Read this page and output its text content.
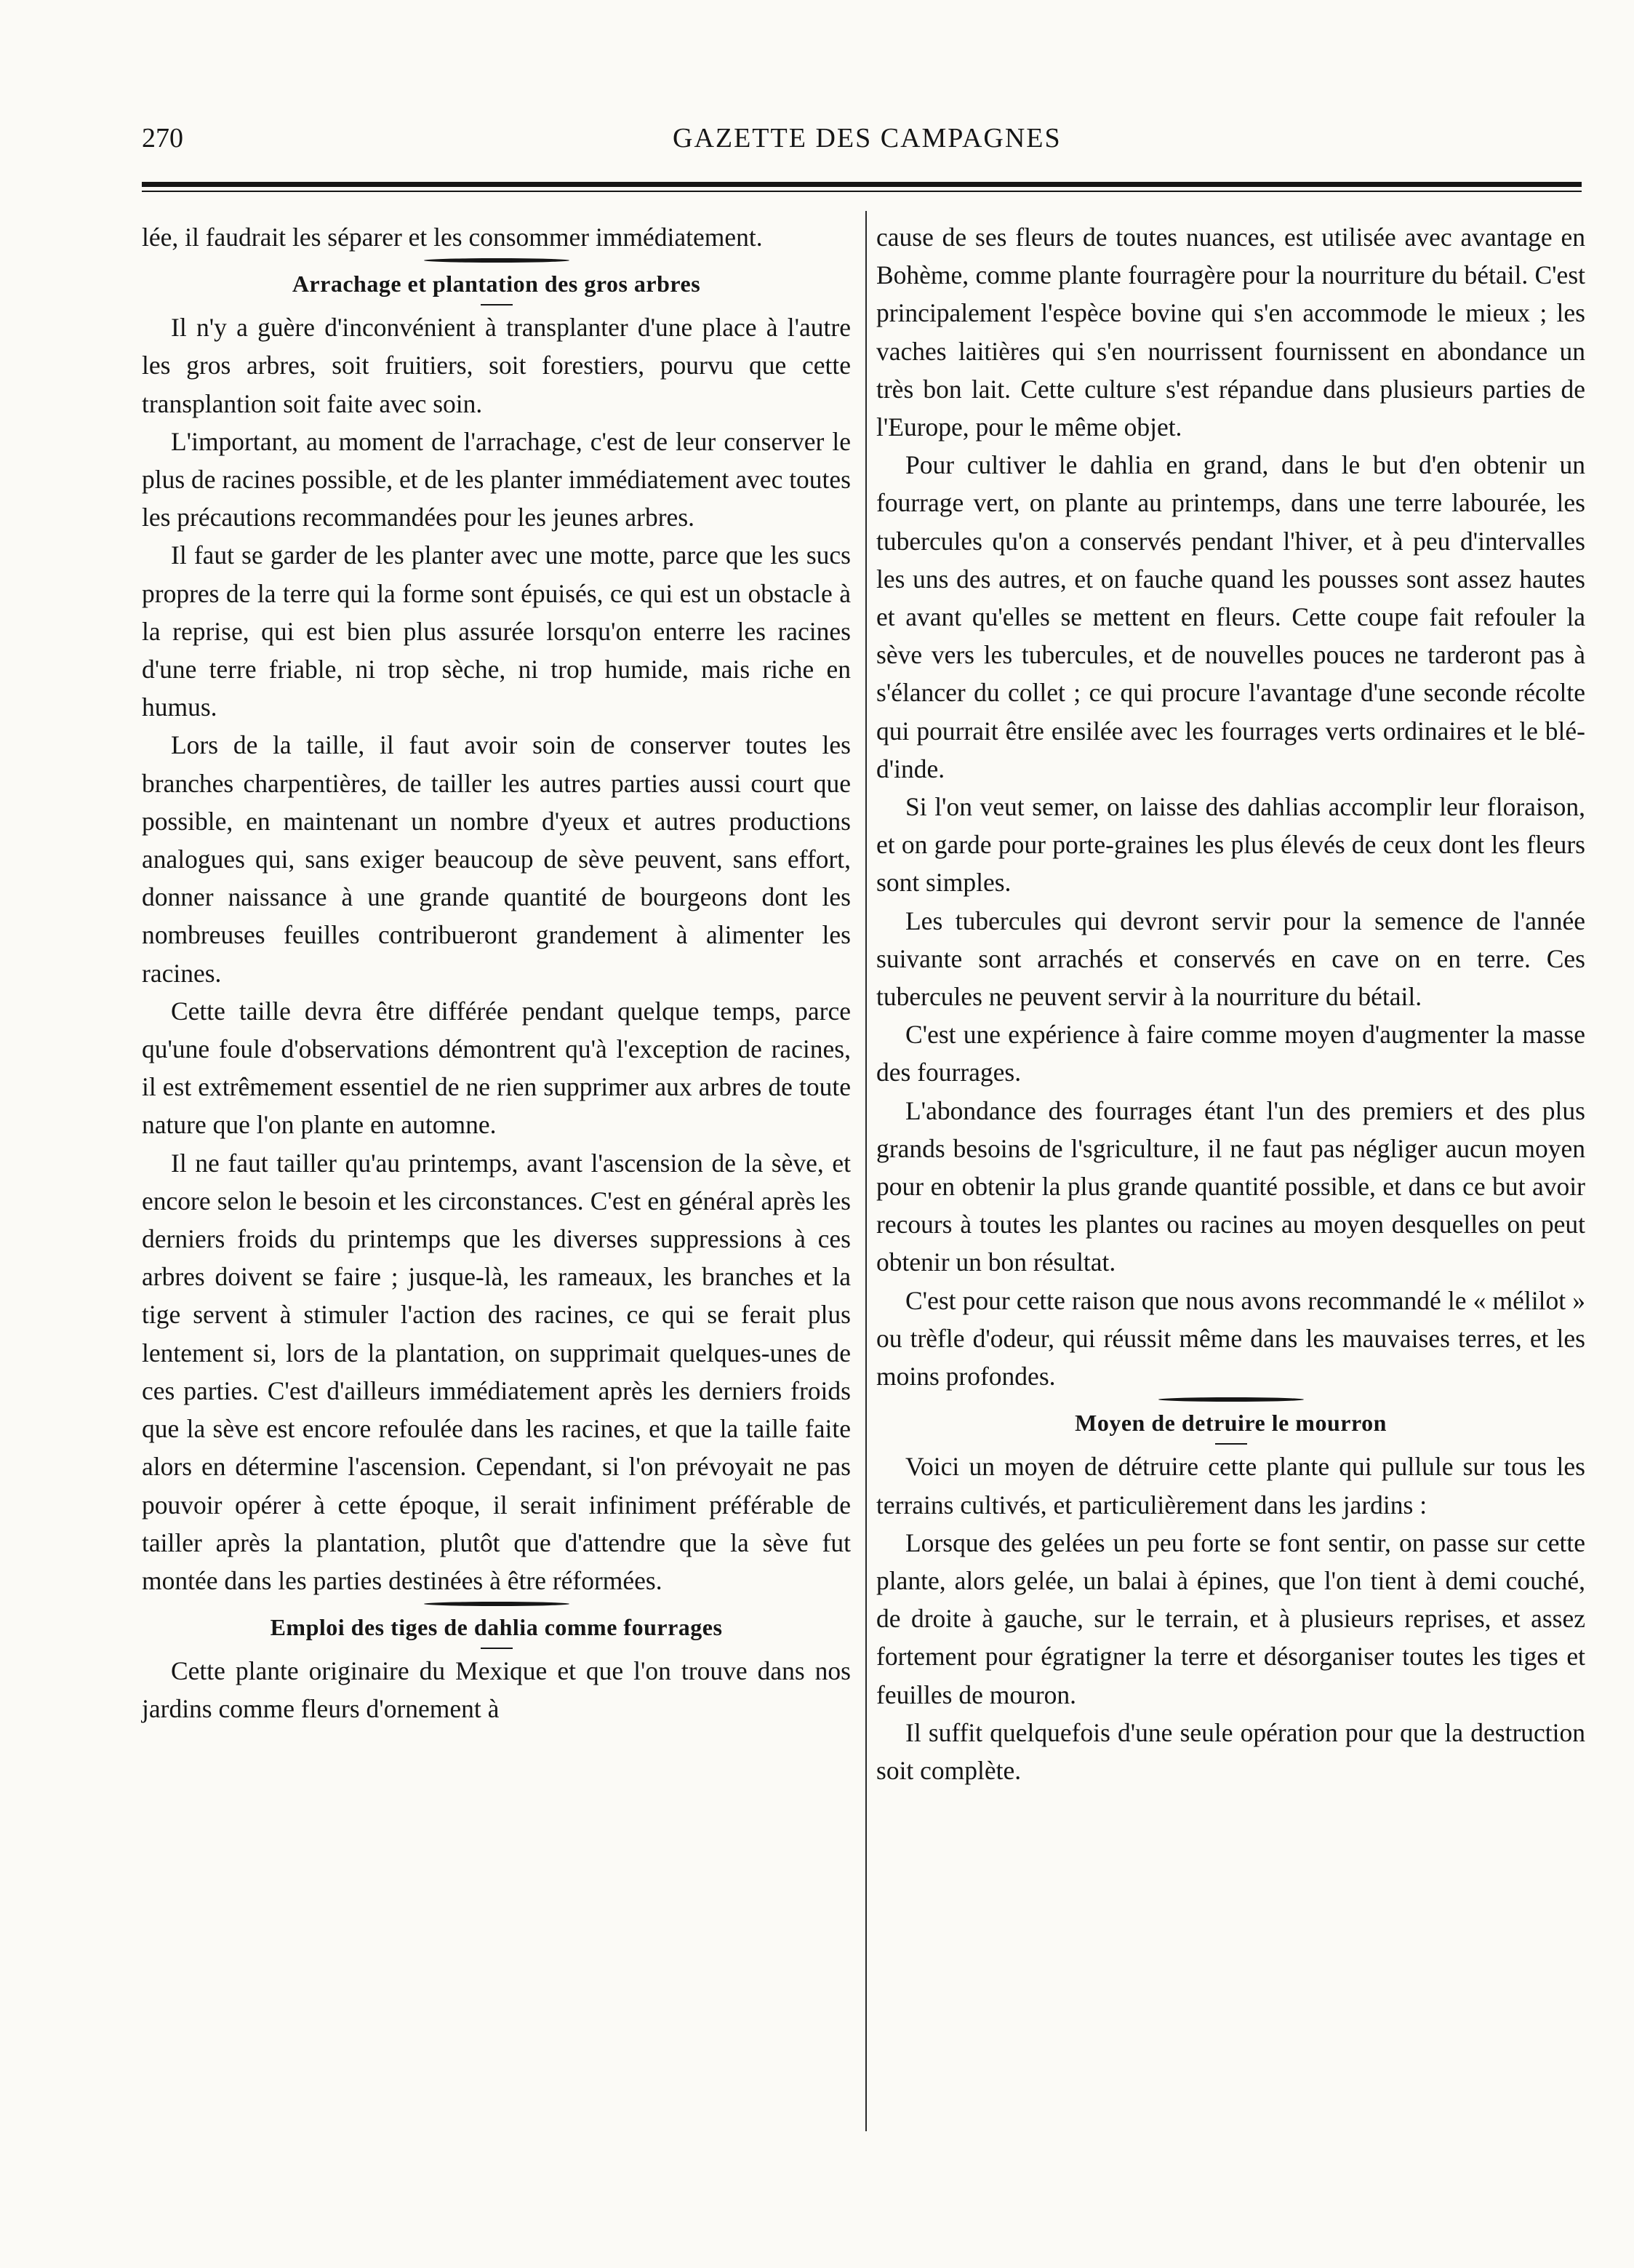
270	GAZETTE DES CAMPAGNES

lée, il faudrait les séparer et les consommer immédiatement.

Arrachage et plantation des gros arbres

Il n'y a guère d'inconvénient à transplanter d'une place à l'autre les gros arbres, soit fruitiers, soit forestiers, pourvu que cette transplantion soit faite avec soin.

L'important, au moment de l'arrachage, c'est de leur conserver le plus de racines possible, et de les planter immédiatement avec toutes les précautions recommandées pour les jeunes arbres.

Il faut se garder de les planter avec une motte, parce que les sucs propres de la terre qui la forme sont épuisés, ce qui est un obstacle à la reprise, qui est bien plus assurée lorsqu'on enterre les racines d'une terre friable, ni trop sèche, ni trop humide, mais riche en humus.

Lors de la taille, il faut avoir soin de conserver toutes les branches charpentières, de tailler les autres parties aussi court que possible, en maintenant un nombre d'yeux et autres productions analogues qui, sans exiger beaucoup de sève peuvent, sans effort, donner naissance à une grande quantité de bourgeons dont les nombreuses feuilles contribueront grandement à alimenter les racines.

Cette taille devra être différée pendant quelque temps, parce qu'une foule d'observations démontrent qu'à l'exception de racines, il est extrêmement essentiel de ne rien supprimer aux arbres de toute nature que l'on plante en automne.

Il ne faut tailler qu'au printemps, avant l'ascension de la sève, et encore selon le besoin et les circonstances. C'est en général après les derniers froids du printemps que les diverses suppressions à ces arbres doivent se faire ; jusque-là, les rameaux, les branches et la tige servent à stimuler l'action des racines, ce qui se ferait plus lentement si, lors de la plantation, on supprimait quelques-unes de ces parties. C'est d'ailleurs immédiatement après les derniers froids que la sève est encore refoulée dans les racines, et que la taille faite alors en détermine l'ascension. Cependant, si l'on prévoyait ne pas pouvoir opérer à cette époque, il serait infiniment préférable de tailler après la plantation, plutôt que d'attendre que la sève fut montée dans les parties destinées à être réformées.

Emploi des tiges de dahlia comme fourrages

Cette plante originaire du Mexique et que l'on trouve dans nos jardins comme fleurs d'ornement à

cause de ses fleurs de toutes nuances, est utilisée avec avantage en Bohème, comme plante fourragère pour la nourriture du bétail. C'est principalement l'espèce bovine qui s'en accommode le mieux ; les vaches laitières qui s'en nourrissent fournissent en abondance un très bon lait. Cette culture s'est répandue dans plusieurs parties de l'Europe, pour le même objet.

Pour cultiver le dahlia en grand, dans le but d'en obtenir un fourrage vert, on plante au printemps, dans une terre labourée, les tubercules qu'on a conservés pendant l'hiver, et à peu d'intervalles les uns des autres, et on fauche quand les pousses sont assez hautes et avant qu'elles se mettent en fleurs. Cette coupe fait refouler la sève vers les tubercules, et de nouvelles pouces ne tarderont pas à s'élancer du collet ; ce qui procure l'avantage d'une seconde récolte qui pourrait être ensilée avec les fourrages verts ordinaires et le blé-d'inde.

Si l'on veut semer, on laisse des dahlias accomplir leur floraison, et on garde pour porte-graines les plus élevés de ceux dont les fleurs sont simples.

Les tubercules qui devront servir pour la semence de l'année suivante sont arrachés et conservés en cave on en terre. Ces tubercules ne peuvent servir à la nourriture du bétail.

C'est une expérience à faire comme moyen d'augmenter la masse des fourrages.

L'abondance des fourrages étant l'un des premiers et des plus grands besoins de l'sgriculture, il ne faut pas négliger aucun moyen pour en obtenir la plus grande quantité possible, et dans ce but avoir recours à toutes les plantes ou racines au moyen desquelles on peut obtenir un bon résultat.

C'est pour cette raison que nous avons recommandé le « mélilot » ou trèfle d'odeur, qui réussit même dans les mauvaises terres, et les moins profondes.

Moyen de detruire le mourron

Voici un moyen de détruire cette plante qui pullule sur tous les terrains cultivés, et particulièrement dans les jardins :

Lorsque des gelées un peu forte se font sentir, on passe sur cette plante, alors gelée, un balai à épines, que l'on tient à demi couché, de droite à gauche, sur le terrain, et à plusieurs reprises, et assez fortement pour égratigner la terre et désorganiser toutes les tiges et feuilles de mouron.

Il suffit quelquefois d'une seule opération pour que la destruction soit complète.
